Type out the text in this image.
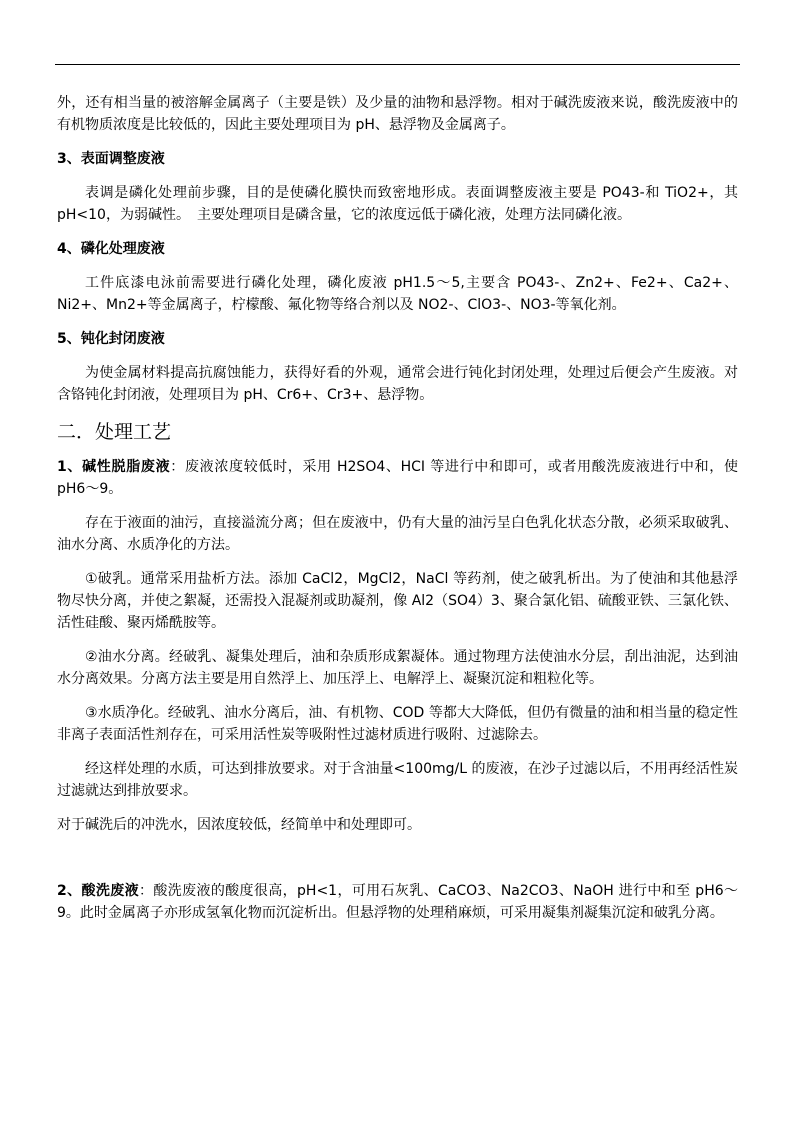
外，还有相当量的被溶解金属离子（主要是铁）及少量的油物和悬浮物。相对于碱洗废液来说，酸洗废液中的有机物质浓度是比较低的，因此主要处理项目为 pH、悬浮物及金属离子。

3、表面调整废液

表调是磷化处理前步骤，目的是使磷化膜快而致密地形成。表面调整废液主要是 PO43-和 TiO2+，其 pH<10，为弱碱性。　主要处理项目是磷含量，它的浓度远低于磷化液，处理方法同磷化液。

4、磷化处理废液

工件底漆电泳前需要进行磷化处理，磷化废液 pH1.5～5,主要含 PO43-、Zn2+、Fe2+、Ca2+、Ni2+、Mn2+等金属离子，柠檬酸、氟化物等络合剂以及 NO2-、ClO3-、NO3-等氧化剂。

5、钝化封闭废液

为使金属材料提高抗腐蚀能力，获得好看的外观，通常会进行钝化封闭处理，处理过后便会产生废液。对含铬钝化封闭液，处理项目为 pH、Cr6+、Cr3+、悬浮物。

二．处理工艺

1、碱性脱脂废液：废液浓度较低时，采用 H2SO4、HCI 等进行中和即可，或者用酸洗废液进行中和，使 pH6～9。

存在于液面的油污，直接溢流分离；但在废液中，仍有大量的油污呈白色乳化状态分散，必须采取破乳、油水分离、水质净化的方法。

①破乳。通常采用盐析方法。添加 CaCl2，MgCl2，NaCl 等药剂，使之破乳析出。为了使油和其他悬浮物尽快分离，并使之絮凝，还需投入混凝剂或助凝剂，像 Al2（SO4）3、聚合氯化铝、硫酸亚铁、三氯化铁、活性硅酸、聚丙烯酰胺等。

②油水分离。经破乳、凝集处理后，油和杂质形成絮凝体。通过物理方法使油水分层，刮出油泥，达到油水分离效果。分离方法主要是用自然浮上、加压浮上、电解浮上、凝聚沉淀和粗粒化等。

③水质净化。经破乳、油水分离后，油、有机物、COD 等都大大降低，但仍有微量的油和相当量的稳定性非离子表面活性剂存在，可采用活性炭等吸附性过滤材质进行吸附、过滤除去。

经这样处理的水质，可达到排放要求。对于含油量<100mg/L 的废液，在沙子过滤以后，不用再经活性炭过滤就达到排放要求。

对于碱洗后的冲洗水，因浓度较低，经简单中和处理即可。

2、酸洗废液：酸洗废液的酸度很高，pH<1，可用石灰乳、CaCO3、Na2CO3、NaOH 进行中和至 pH6～9。此时金属离子亦形成氢氧化物而沉淀析出。但悬浮物的处理稍麻烦，可采用凝集剂凝集沉淀和破乳分离。
